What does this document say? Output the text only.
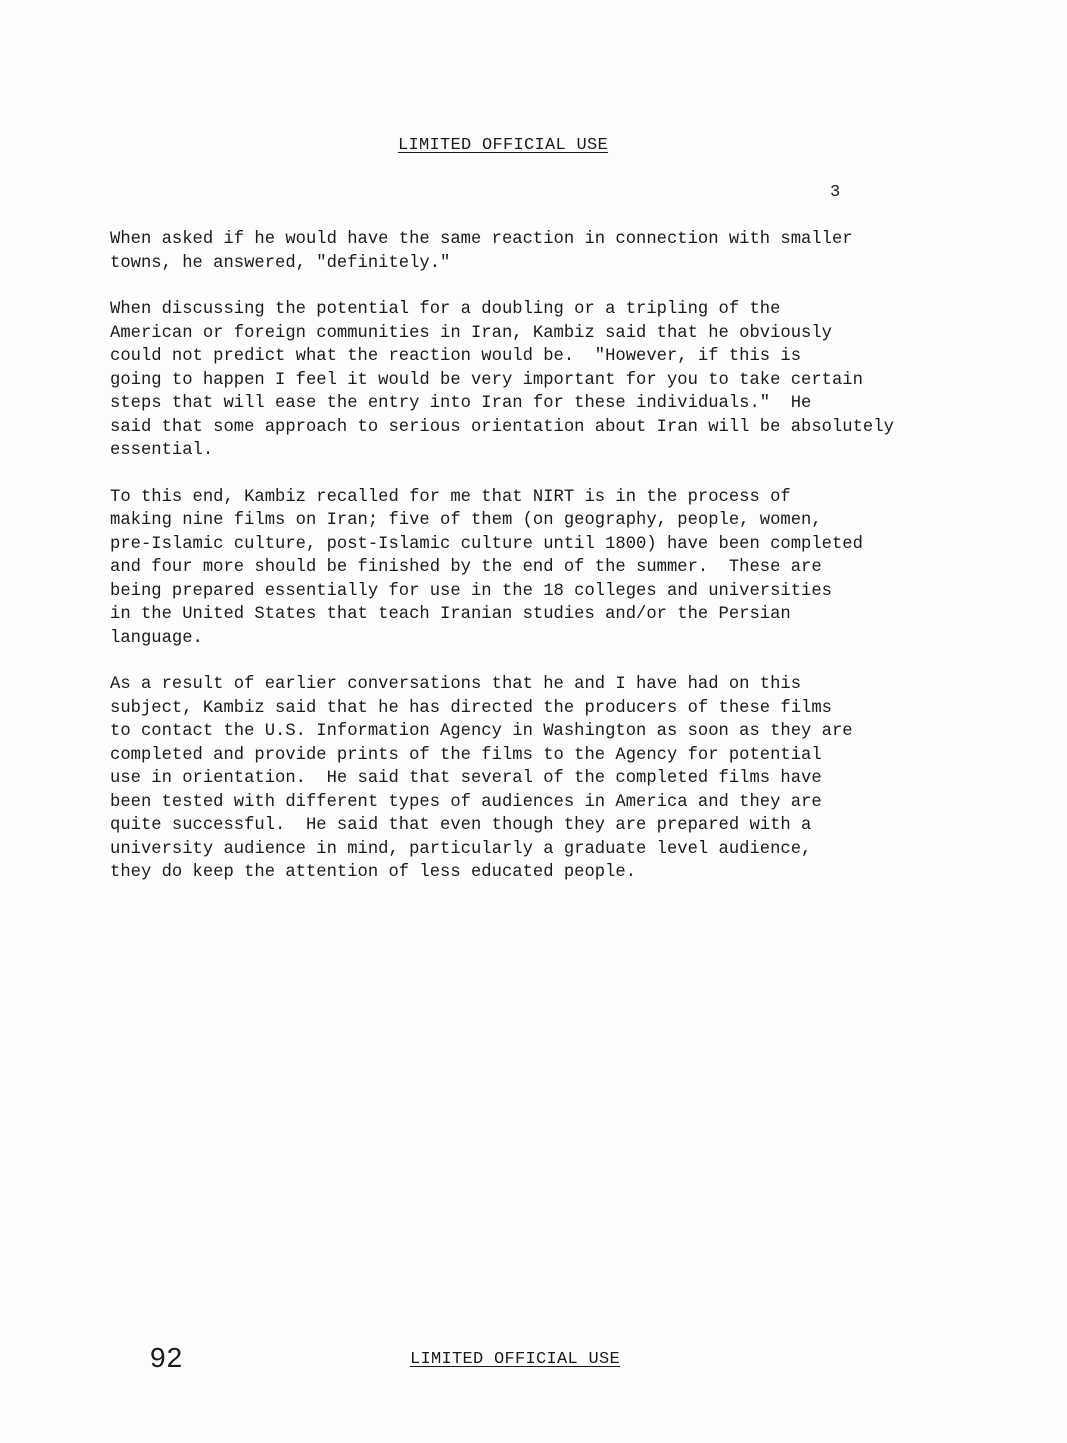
LIMITED OFFICIAL USE

3

When asked if he would have the same reaction in connection with smaller
towns, he answered, "definitely."

When discussing the potential for a doubling or a tripling of the
American or foreign communities in Iran, Kambiz said that he obviously
could not predict what the reaction would be.  "However, if this is
going to happen I feel it would be very important for you to take certain
steps that will ease the entry into Iran for these individuals."  He
said that some approach to serious orientation about Iran will be absolutely
essential.

To this end, Kambiz recalled for me that NIRT is in the process of
making nine films on Iran; five of them (on geography, people, women,
pre-Islamic culture, post-Islamic culture until 1800) have been completed
and four more should be finished by the end of the summer.  These are
being prepared essentially for use in the 18 colleges and universities
in the United States that teach Iranian studies and/or the Persian
language.

As a result of earlier conversations that he and I have had on this
subject, Kambiz said that he has directed the producers of these films
to contact the U.S. Information Agency in Washington as soon as they are
completed and provide prints of the films to the Agency for potential
use in orientation.  He said that several of the completed films have
been tested with different types of audiences in America and they are
quite successful.  He said that even though they are prepared with a
university audience in mind, particularly a graduate level audience,
they do keep the attention of less educated people.

92	LIMITED OFFICIAL USE
